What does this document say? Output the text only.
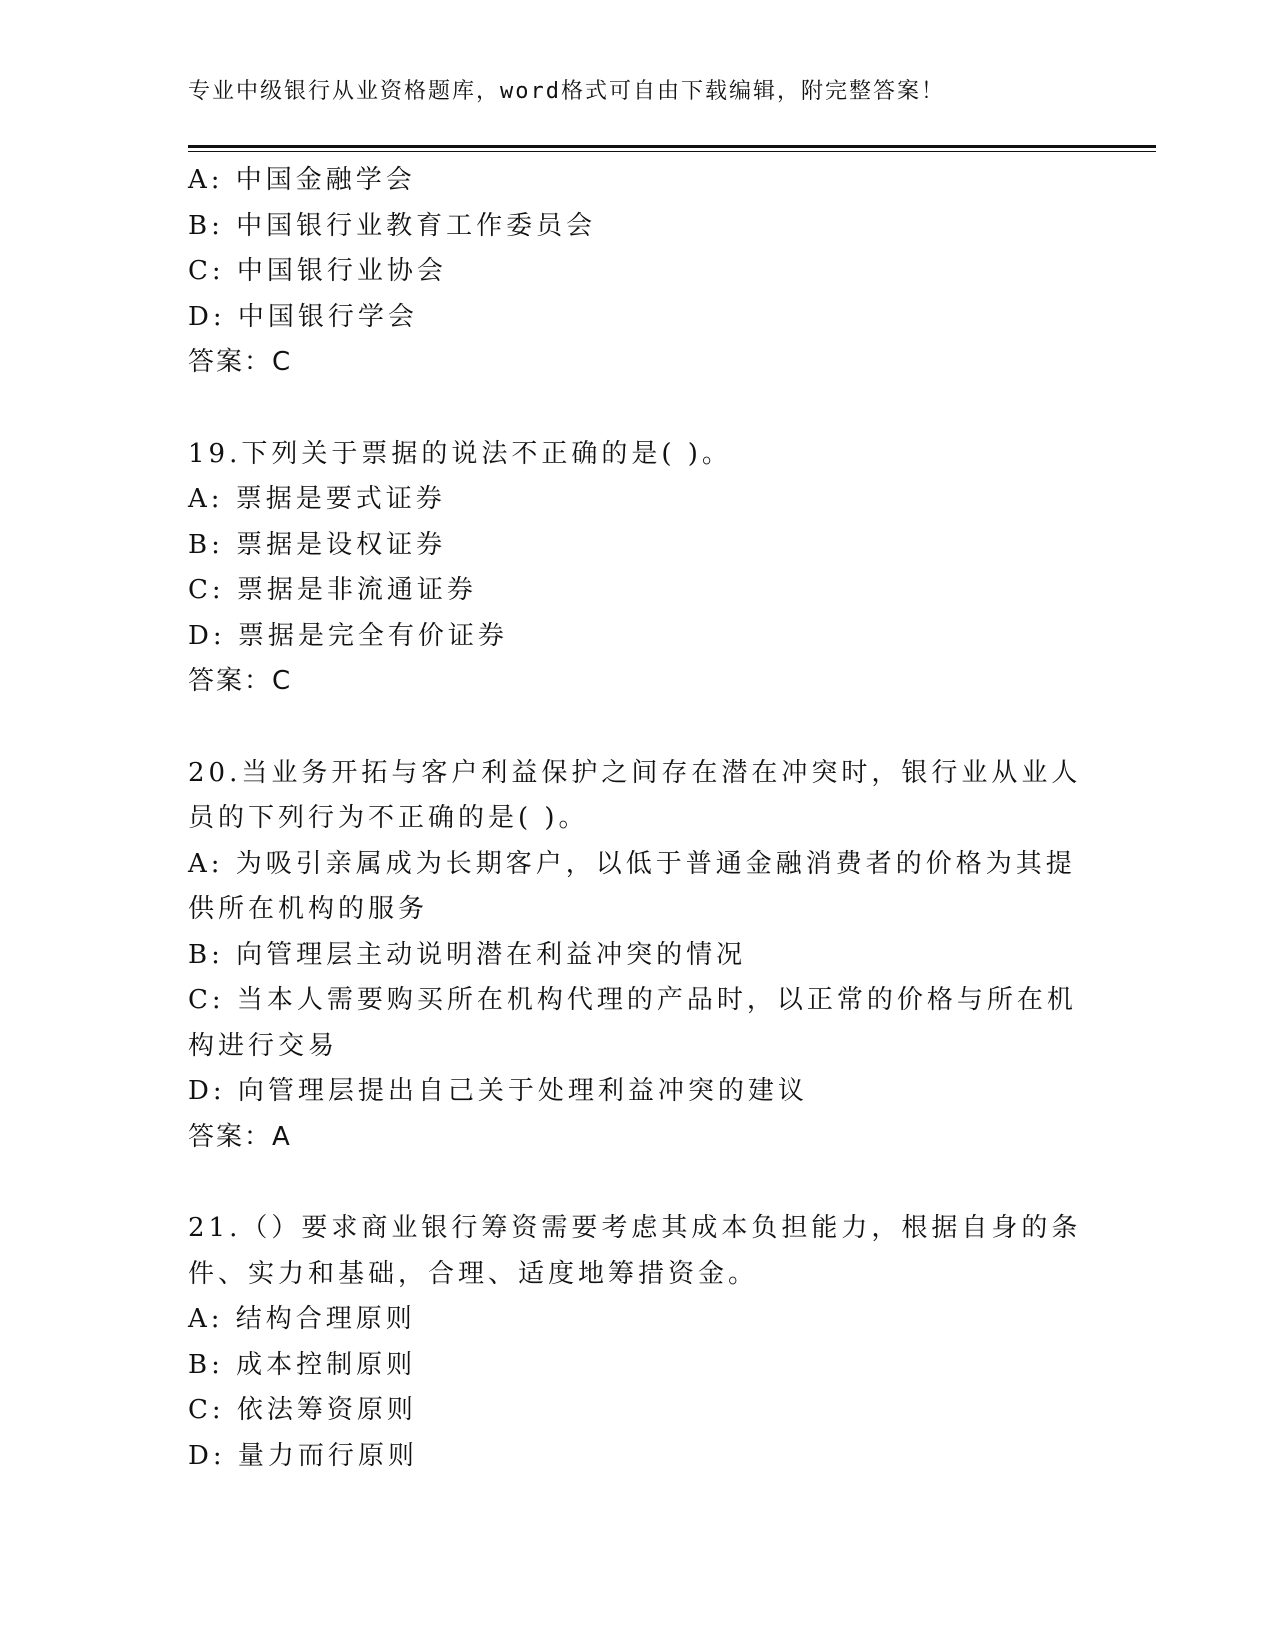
专业中级银行从业资格题库，word格式可自由下载编辑，附完整答案！
A: 中国金融学会
B: 中国银行业教育工作委员会
C: 中国银行业协会
D: 中国银行学会
答案：C
19.下列关于票据的说法不正确的是( )。
A: 票据是要式证券
B: 票据是设权证券
C: 票据是非流通证券
D: 票据是完全有价证券
答案：C
20.当业务开拓与客户利益保护之间存在潜在冲突时，银行业从业人员的下列行为不正确的是( )。
A: 为吸引亲属成为长期客户，以低于普通金融消费者的价格为其提供所在机构的服务
B: 向管理层主动说明潜在利益冲突的情况
C: 当本人需要购买所在机构代理的产品时，以正常的价格与所在机构进行交易
D: 向管理层提出自己关于处理利益冲突的建议
答案：A
21.（）要求商业银行筹资需要考虑其成本负担能力，根据自身的条件、实力和基础，合理、适度地筹措资金。
A: 结构合理原则
B: 成本控制原则
C: 依法筹资原则
D: 量力而行原则
